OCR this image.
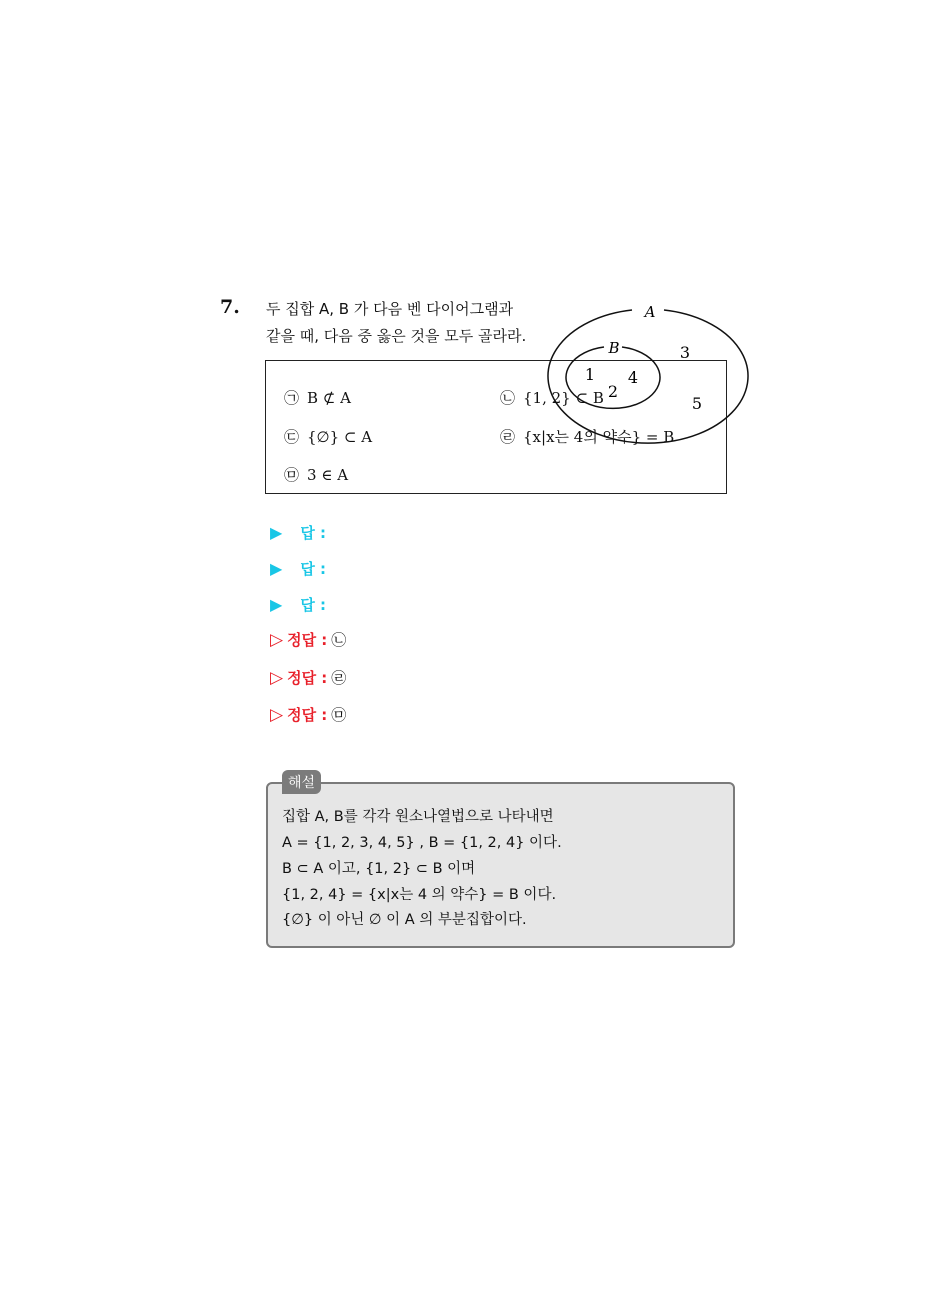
7. 두 집합 A, B 가 다음 벤 다이어그램과
같을 때, 다음 중 옳은 것을 모두 골라라.
㉠ B ⊄ A	㉡ {1, 2} ⊂ B
㉢ {∅} ⊂ A	㉣ {x|x는 4의 약수} = B
㉤ 3 ∈ A
A
B
1 4
2
3
5
▶ 답 :
▶ 답 :
▶ 답 :
▷ 정답 : ㉡
▷ 정답 : ㉣
▷ 정답 : ㉤
해설
집합 A, B를 각각 원소나열법으로 나타내면
A = {1, 2, 3, 4, 5} , B = {1, 2, 4} 이다.
B ⊂ A 이고, {1, 2} ⊂ B 이며
{1, 2, 4} = {x|x는 4 의 약수} = B 이다.
{∅} 이 아닌 ∅ 이 A 의 부분집합이다.
